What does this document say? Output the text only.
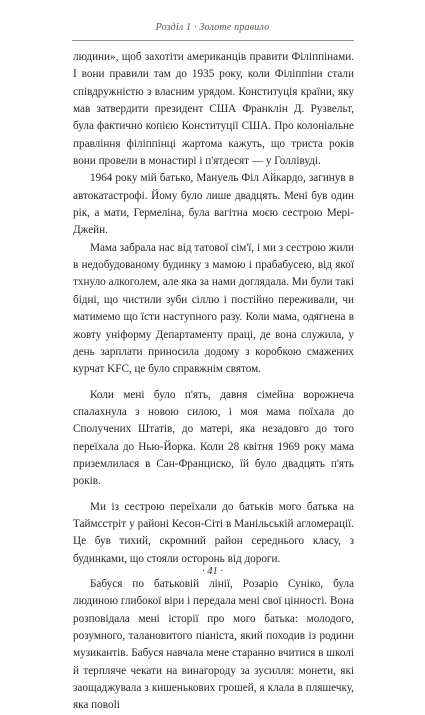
Розділ 1 · Золоте правило

людини», щоб захотіти американців правити Філіппінами. І вони правили там до 1935 року, коли Філіппіни стали співдружністю з власним урядом. Конституція країни, яку мав затвердити президент США Франклін Д. Рузвельт, була фактично копією Конституції США. Про колоніальне правління філіппінці жартома кажуть, що триста років вони провели в монастирі і п'ятдесят — у Голлівуді.

1964 року мій батько, Мануель Філ Айкардо, загинув в автокатастрофі. Йому було лише двадцять. Мені був один рік, а мати, Гермеліна, була вагітна моєю сестрою Мері-Джейн.

Мама забрала нас від татової сім'ї, і ми з сестрою жили в недобудованому будинку з мамою і прабабусею, від якої тхнуло алкоголем, але яка за нами доглядала. Ми були такі бідні, що чистили зуби сіллю і постійно переживали, чи матимемо що їсти наступного разу. Коли мама, одягнена в жовту уніформу Департаменту праці, де вона служила, у день зарплати приносила додому з коробкою смажених курчат KFC, це було справжнім святом.

Коли мені було п'ять, давня сімейна ворожнеча спалахнула з новою силою, і моя мама поїхала до Сполучених Штатів, до матері, яка незадовго до того переїхала до Нью-Йорка. Коли 28 квітня 1969 року мама приземлилася в Сан-Франциско, їй було двадцять п'ять років.

Ми із сестрою переїхали до батьків мого батька на Таймсстріт у районі Кесон-Сіті в Манільській агломерації. Це був тихий, скромний район середнього класу, з будинками, що стояли осторонь від дороги.

Бабуся по батьковій лінії, Розаріо Суніко, була людиною глибокої віри і передала мені свої цінності. Вона розповідала мені історії про мого батька: молодого, розумного, талановитого піаніста, який походив із родини музикантів. Бабуся навчала мене старанно вчитися в школі й терпляче чекати на винагороду за зусилля: монети, які заощаджувала з кишенькових грошей, я клала в пляшечку, яка повolі

· 41 ·
